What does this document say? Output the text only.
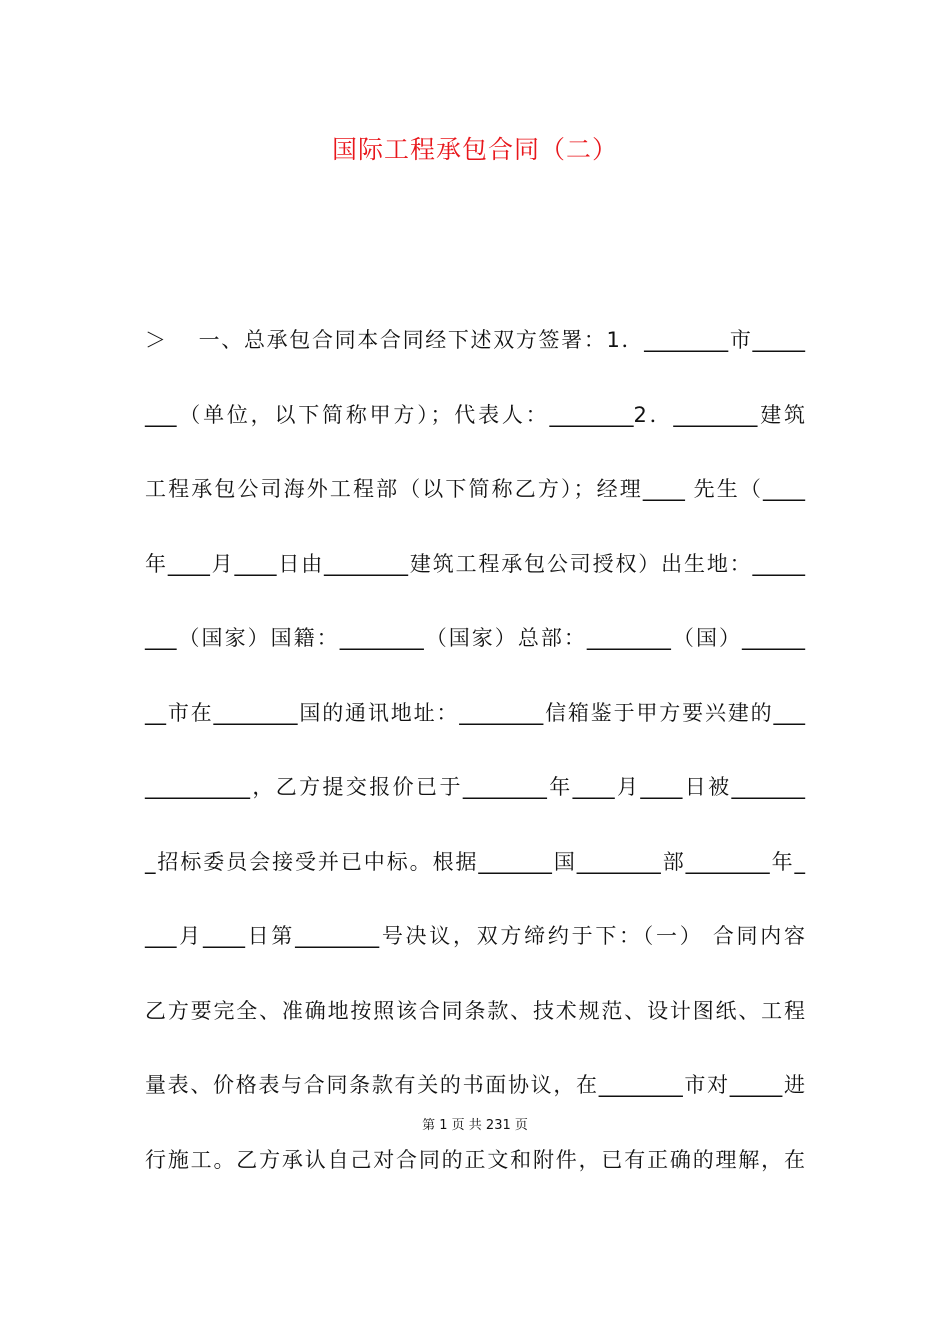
国际工程承包合同（二）
＞　 一、总承包合同本合同经下述双方签署：1．________市_____
___（单位，以下简称甲方）；代表人：________2．________建筑
工程承包公司海外工程部（以下简称乙方）；经理____ 先生（____
年____月____日由________建筑工程承包公司授权）出生地：_____
___（国家）国籍：________（国家）总部：________（国）______
__市在________国的通讯地址：________信箱鉴于甲方要兴建的___
__________，乙方提交报价已于________年____月____日被_______
_招标委员会接受并已中标。根据_______国________部________年_
___月____日第________号决议，双方缔约于下：（一） 合同内容
乙方要完全、准确地按照该合同条款、技术规范、设计图纸、工程
量表、价格表与合同条款有关的书面协议，在________市对_____进
第 1 页 共 231 页
行施工。乙方承认自己对合同的正文和附件，已有正确的理解，在
